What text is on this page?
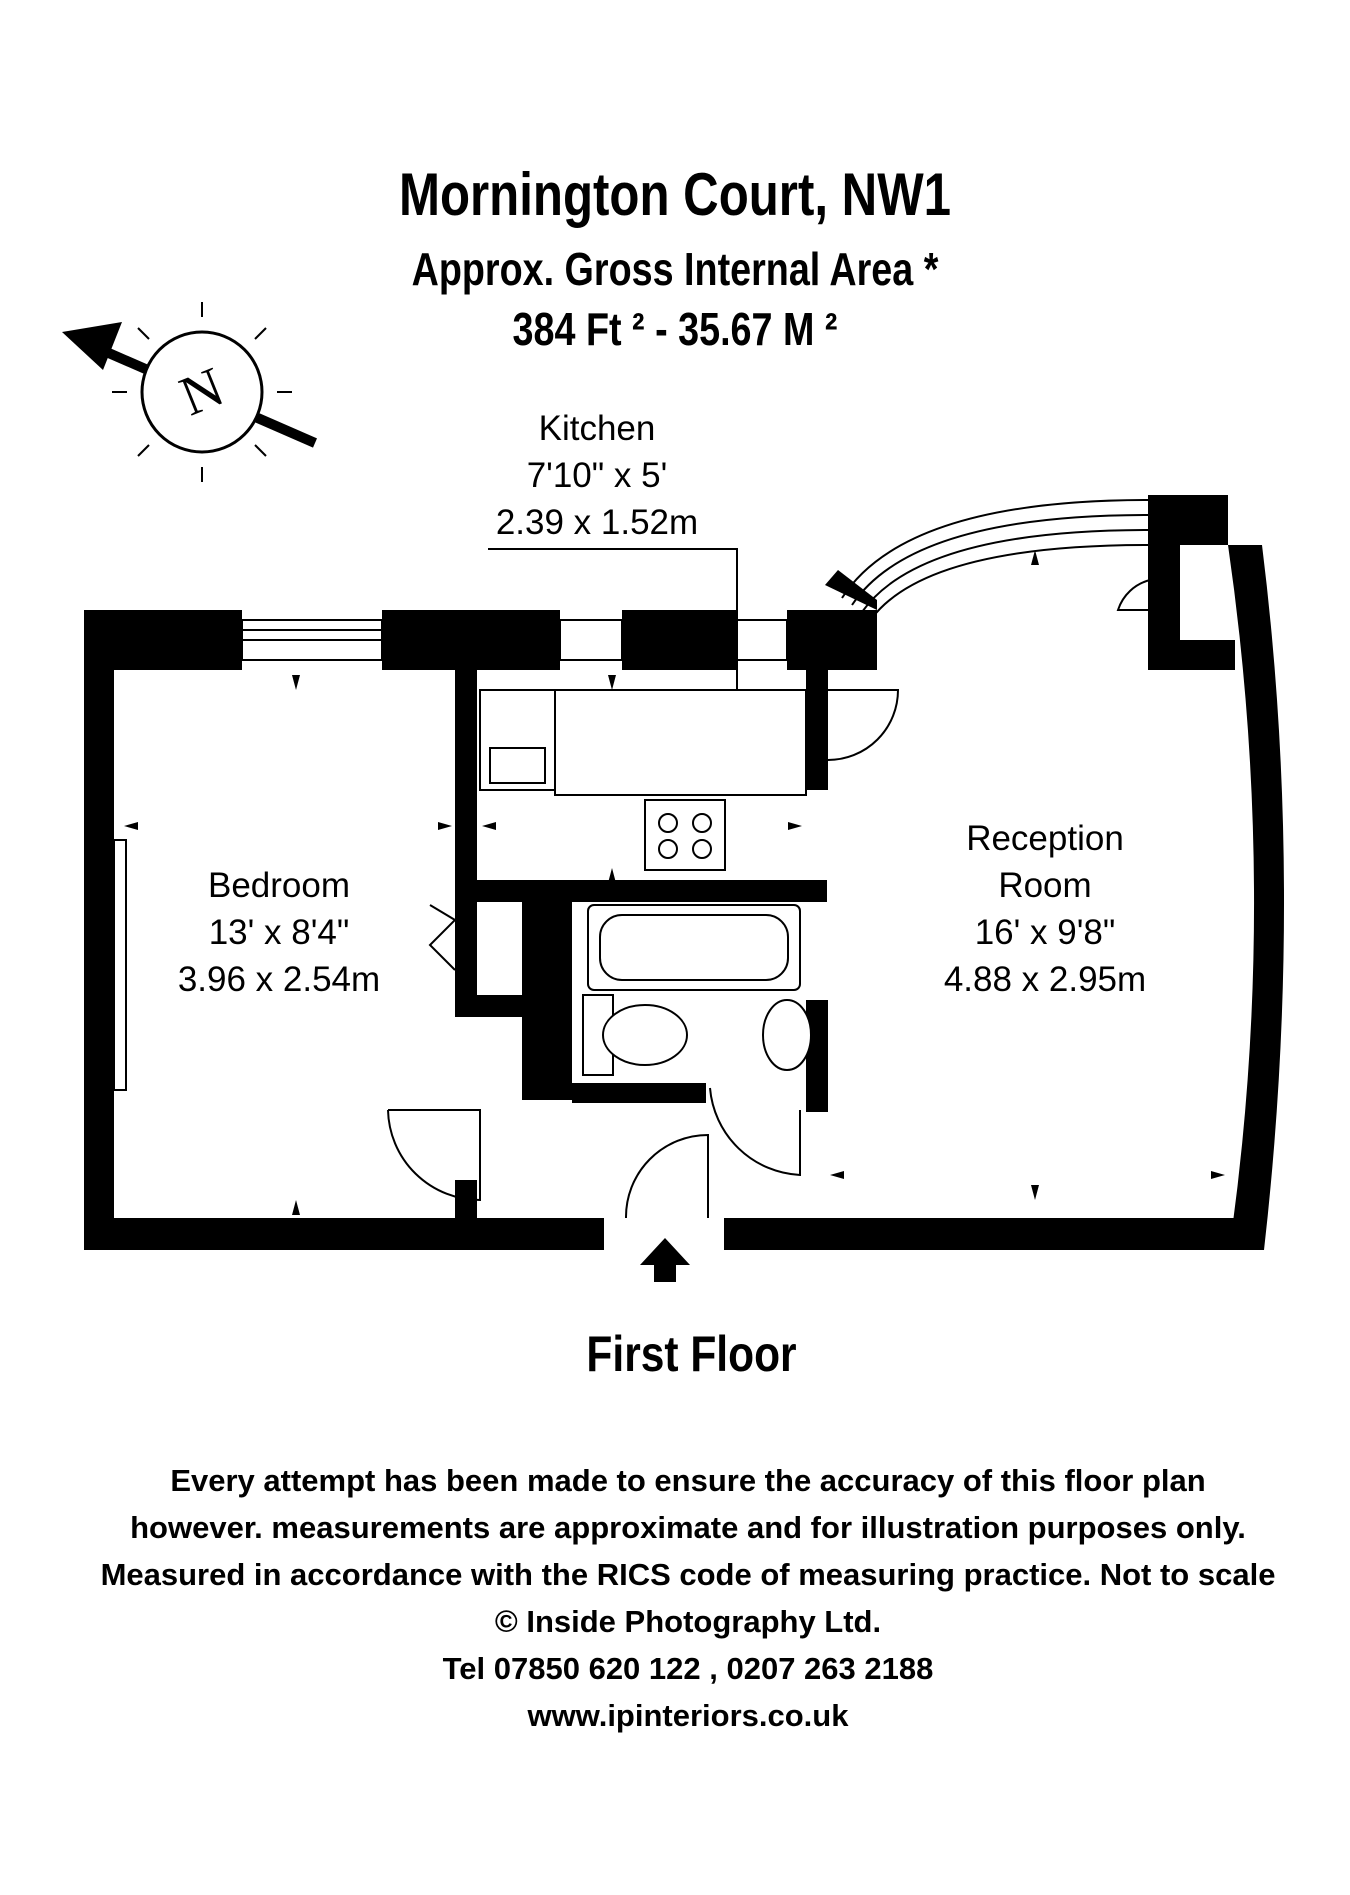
Mornington Court, NW1
Approx. Gross Internal Area *
384 Ft ² - 35.67 M ²
N
Kitchen
7'10" x 5'
2.39 x 1.52m
Bedroom
13' x 8'4"
3.96 x 2.54m
Reception
Room
16' x 9'8"
4.88 x 2.95m
First Floor
Every attempt has been made to ensure the accuracy of this floor plan
however. measurements are approximate and for illustration purposes only.
Measured in accordance with the RICS code of measuring practice. Not to scale
© Inside Photography Ltd.
Tel 07850 620 122 , 0207 263 2188
www.ipinteriors.co.uk
